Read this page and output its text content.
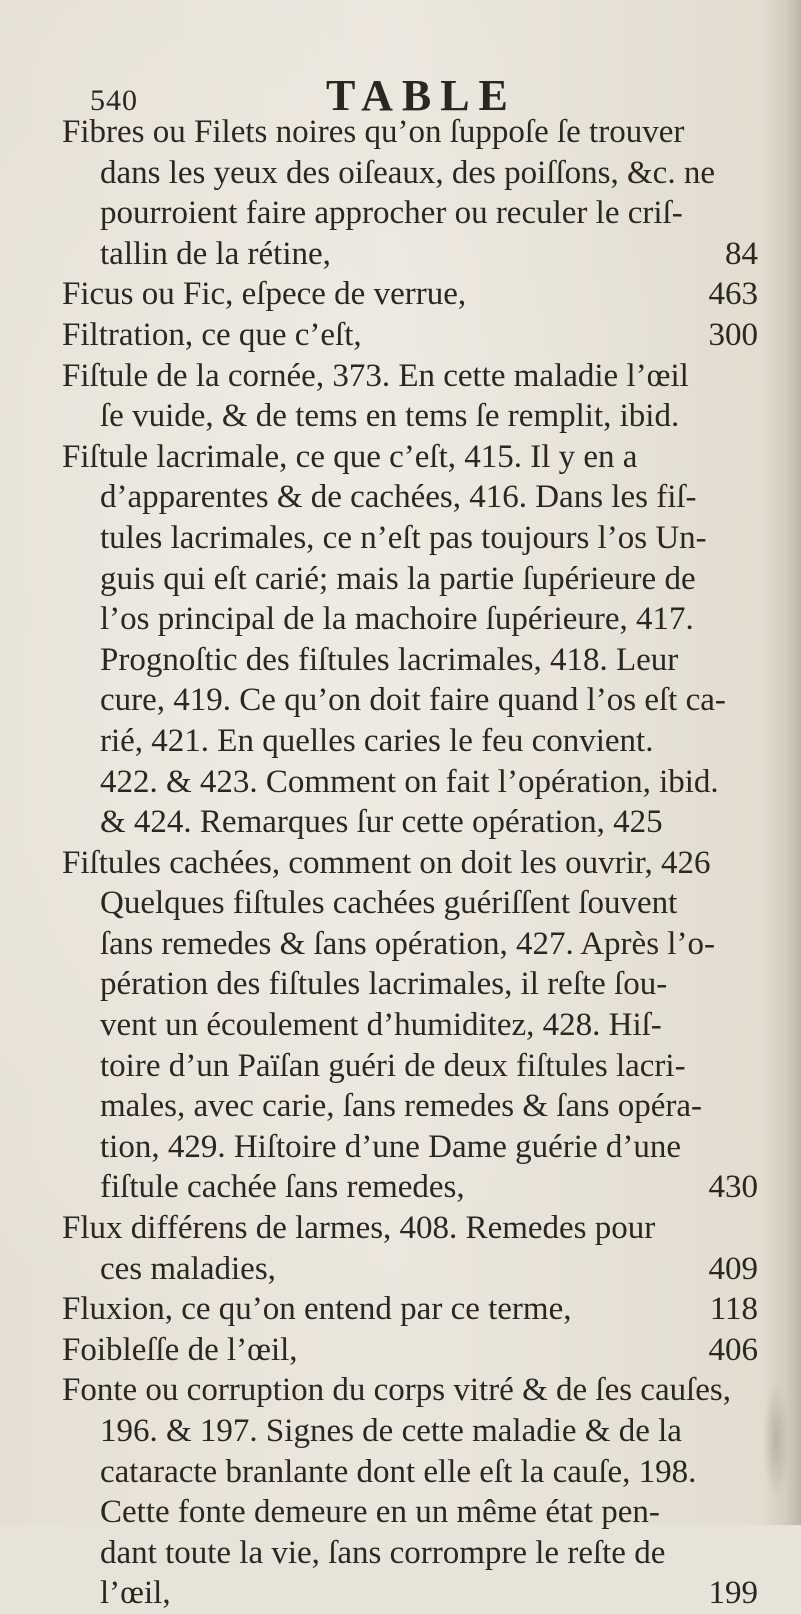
540	TABLE
Fibres ou Filets noires qu’on ſuppoſe ſe trouver
dans les yeux des oiſeaux, des poiſſons, &c. ne
pourroient faire approcher ou reculer le criſ-
tallin de la rétine,	84
Ficus ou Fic, eſpece de verrue,	463
Filtration, ce que c’eſt,	300
Fiſtule de la cornée, 373. En cette maladie l’œil
ſe vuide, & de tems en tems ſe remplit, ibid.
Fiſtule lacrimale, ce que c’eſt, 415. Il y en a
d’apparentes & de cachées, 416. Dans les fiſ-
tules lacrimales, ce n’eſt pas toujours l’os Un-
guis qui eſt carié; mais la partie ſupérieure de
l’os principal de la machoire ſupérieure, 417.
Prognoſtic des fiſtules lacrimales, 418. Leur
cure, 419. Ce qu’on doit faire quand l’os eſt ca-
rié, 421. En quelles caries le feu convient.
422. & 423. Comment on fait l’opération, ibid.
& 424. Remarques ſur cette opération, 425
Fiſtules cachées, comment on doit les ouvrir, 426
Quelques fiſtules cachées guériſſent ſouvent
ſans remedes & ſans opération, 427. Après l’o-
pération des fiſtules lacrimales, il reſte ſou-
vent un écoulement d’humiditez, 428. Hiſ-
toire d’un Païſan guéri de deux fiſtules lacri-
males, avec carie, ſans remedes & ſans opéra-
tion, 429. Hiſtoire d’une Dame guérie d’une
fiſtule cachée ſans remedes,	430
Flux différens de larmes, 408. Remedes pour
ces maladies,	409
Fluxion, ce qu’on entend par ce terme,	118
Foibleſſe de l’œil,	406
Fonte ou corruption du corps vitré & de ſes cauſes,
196. & 197. Signes de cette maladie & de la
cataracte branlante dont elle eſt la cauſe, 198.
Cette fonte demeure en un même état pen-
dant toute la vie, ſans corrompre le reſte de
l’œil,	199
